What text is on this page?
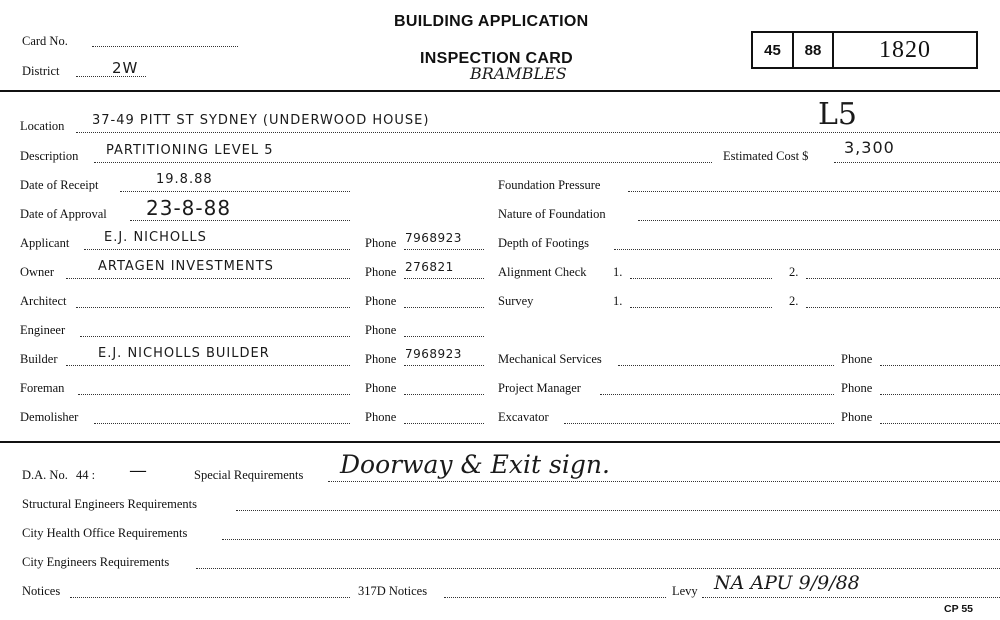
Card No.
District	2W
BUILDING APPLICATION
INSPECTION CARD
BRAMBLES
45 88 1820
Location 37-49 PITT ST SYDNEY (UNDERWOOD HOUSE)	L5
Description PARTITIONING LEVEL 5	Estimated Cost $ 3,300
Date of Receipt	19.8.88	Foundation Pressure
Date of Approval 23-8-88	Nature of Foundation
Applicant	E.J. NICHOLLS	Phone 7968923	Depth of Footings
Owner	ARTAGEN INVESTMENTS	Phone 276821	Alignment Check 1.	2.
Architect	Phone	Survey	1.	2.
Engineer	Phone
Builder	E.J. NICHOLLS BUILDER	Phone 7968923	Mechanical Services	Phone
Foreman	Phone	Project Manager	Phone
Demolisher	Phone	Excavator	Phone
D.A. No. 44 : —	Special Requirements Doorway & Exit sign.
Structural Engineers Requirements
City Health Office Requirements
City Engineers Requirements
Notices	317D Notices	Levy NA APU 9/9/88
CP 55
